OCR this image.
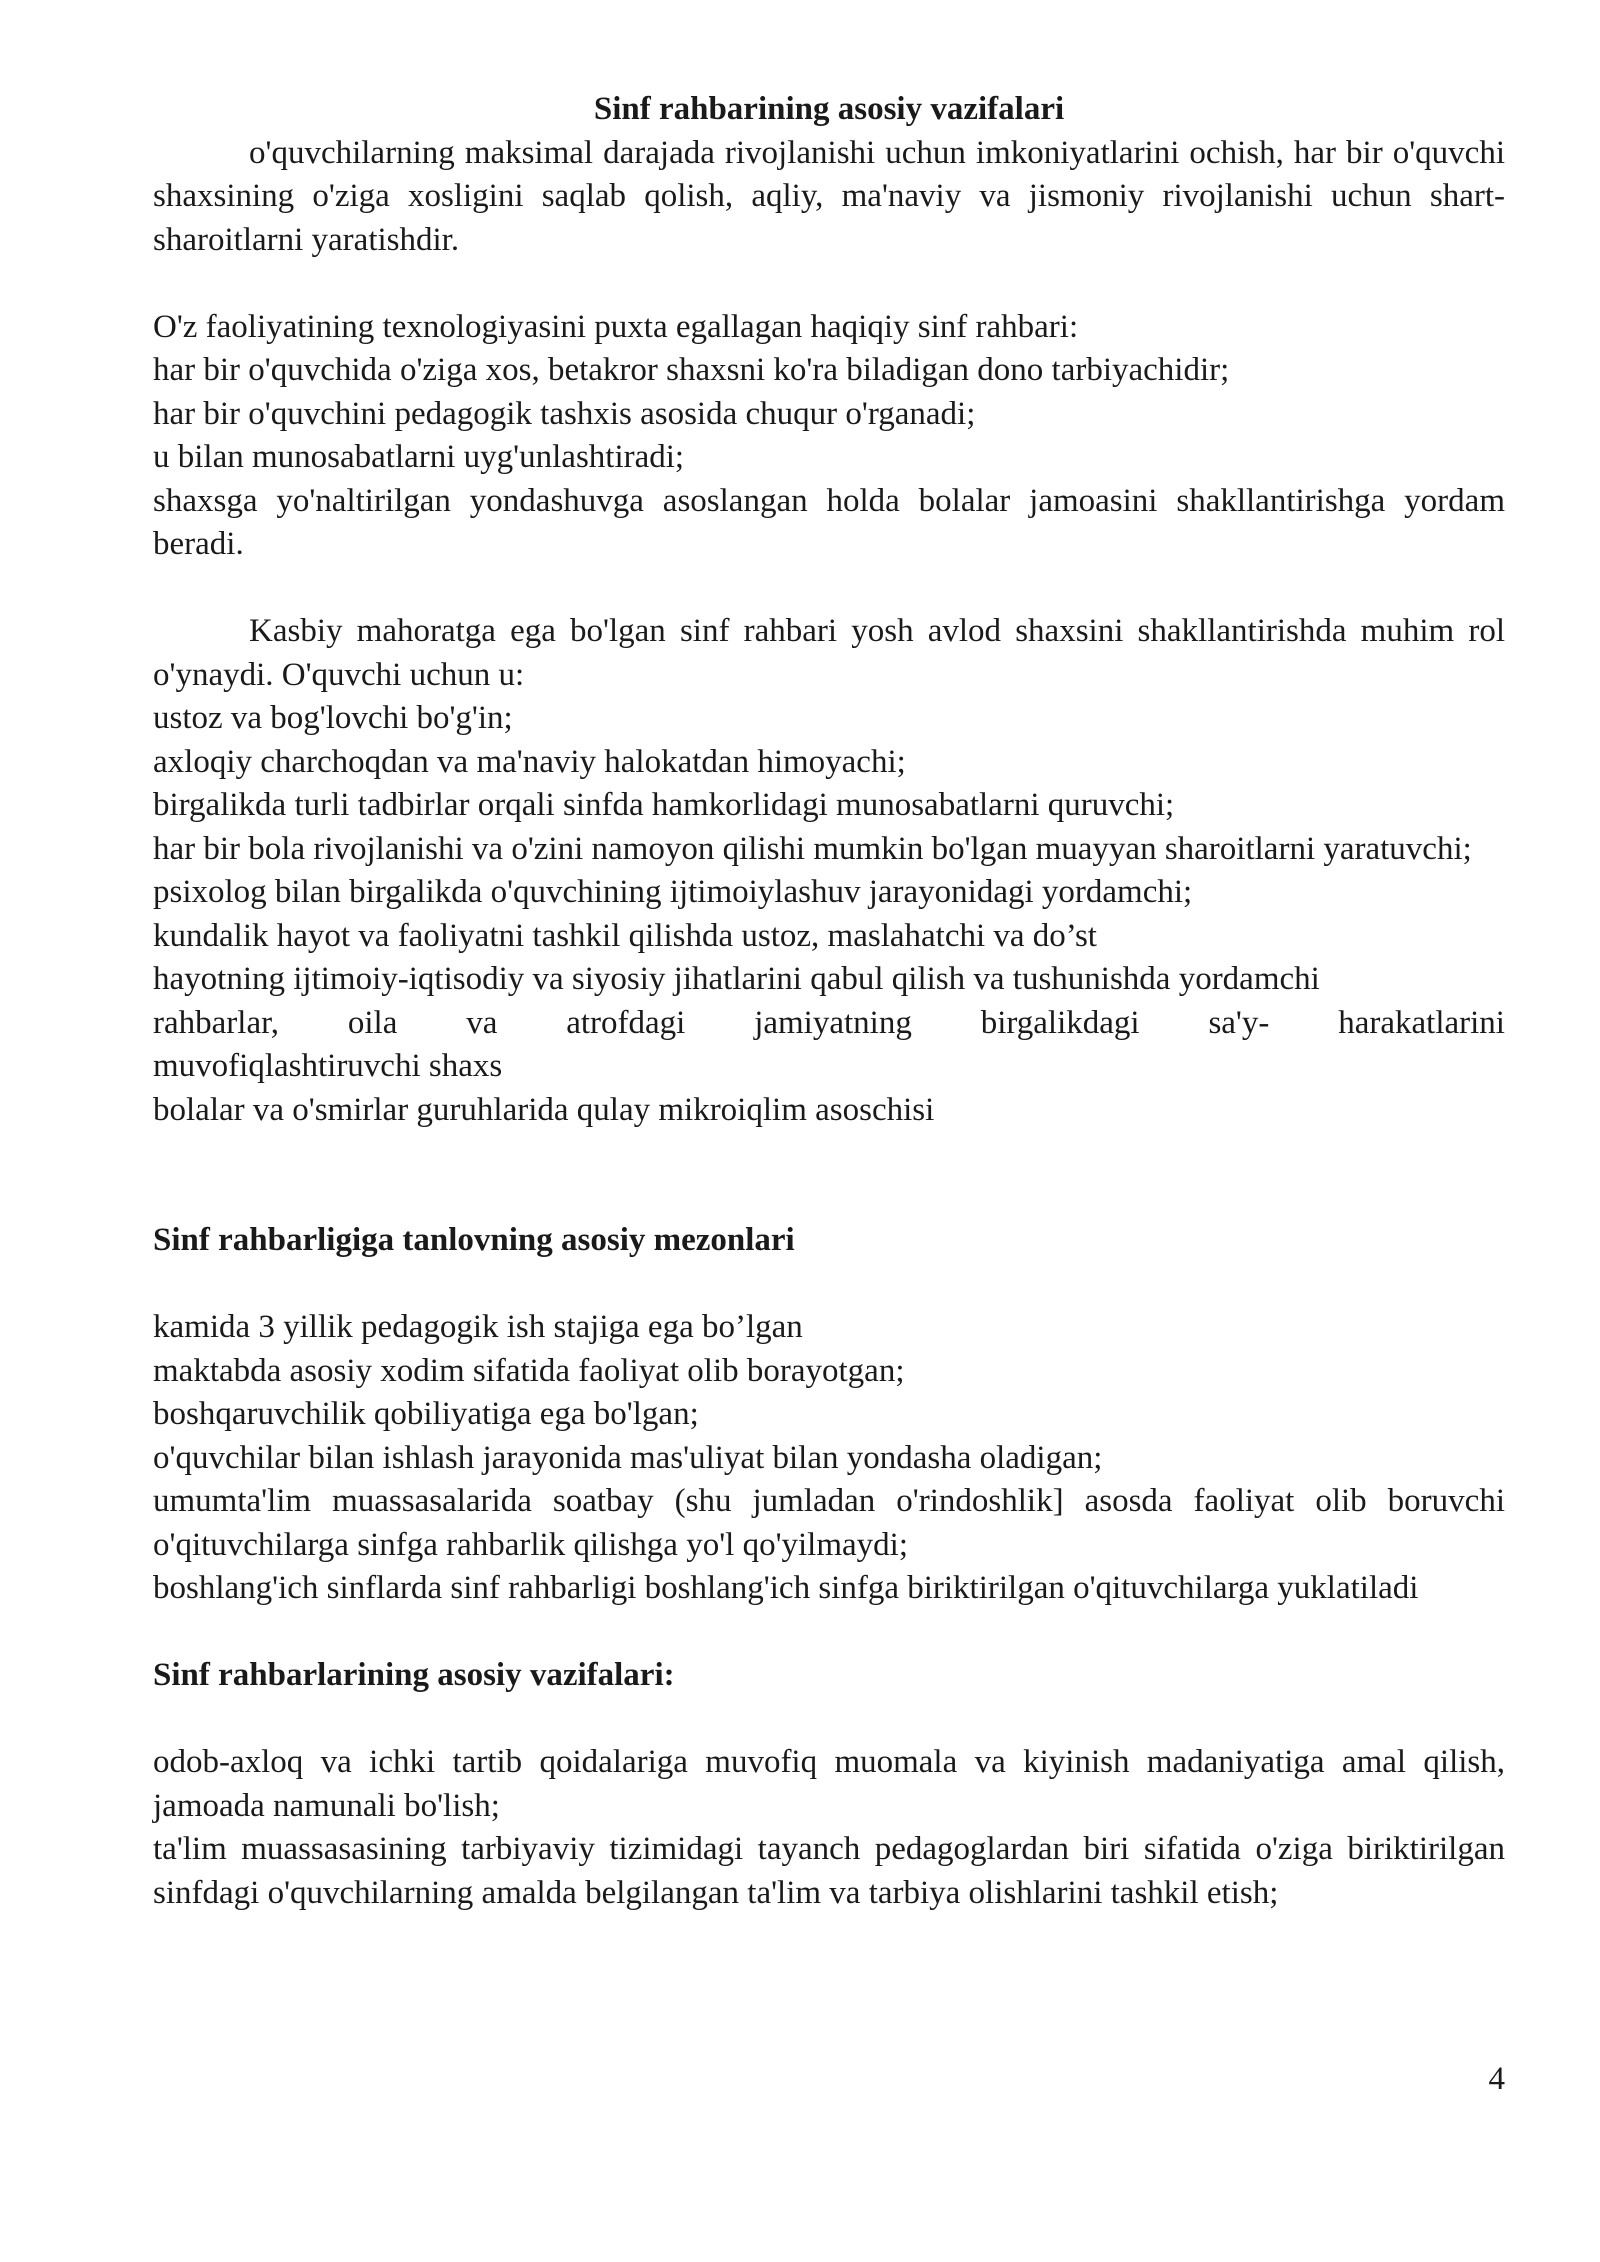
Sinf rahbarining asosiy vazifalari

o'quvchilarning maksimal darajada rivojlanishi uchun imkoniyatlarini ochish, har bir o'quvchi shaxsining o'ziga xosligini saqlab qolish, aqliy, ma'naviy va jismoniy rivojlanishi uchun shart-sharoitlarni yaratishdir.

O'z faoliyatining texnologiyasini puxta egallagan haqiqiy sinf rahbari:

har bir o'quvchida o'ziga xos, betakror shaxsni ko'ra biladigan dono tarbiyachidir;

har bir o'quvchini pedagogik tashxis asosida chuqur o'rganadi;

u bilan munosabatlarni uyg'unlashtiradi;

shaxsga yo'naltirilgan yondashuvga asoslangan holda bolalar jamoasini shakllantirishga yordam beradi.

Kasbiy mahoratga ega bo'lgan sinf rahbari yosh avlod shaxsini shakllantirishda muhim rol o'ynaydi. O'quvchi uchun u:

ustoz va bog'lovchi bo'g'in;

axloqiy charchoqdan va ma'naviy halokatdan himoyachi;

birgalikda turli tadbirlar orqali sinfda hamkorlidagi munosabatlarni quruvchi;

har bir bola rivojlanishi va o'zini namoyon qilishi mumkin bo'lgan muayyan sharoitlarni yaratuvchi;

psixolog bilan birgalikda o'quvchining ijtimoiylashuv jarayonidagi yordamchi;

kundalik hayot va faoliyatni tashkil qilishda ustoz, maslahatchi va do’st

hayotning ijtimoiy-iqtisodiy va siyosiy jihatlarini qabul qilish va tushunishda yordamchi

rahbarlar, oila va atrofdagi jamiyatning birgalikdagi sa'y- harakatlarini

muvofiqlashtiruvchi shaxs

bolalar va o'smirlar guruhlarida qulay mikroiqlim asoschisi

Sinf rahbarligiga tanlovning asosiy mezonlari

kamida 3 yillik pedagogik ish stajiga ega bo’lgan

maktabda asosiy xodim sifatida faoliyat olib borayotgan;

boshqaruvchilik qobiliyatiga ega bo'lgan;

o'quvchilar bilan ishlash jarayonida mas'uliyat bilan yondasha oladigan;

umumta'lim muassasalarida soatbay (shu jumladan o'rindoshlik] asosda faoliyat olib boruvchi o'qituvchilarga sinfga rahbarlik qilishga yo'l qo'yilmaydi;

boshlang'ich sinflarda sinf rahbarligi boshlang'ich sinfga biriktirilgan o'qituvchilarga yuklatiladi

Sinf rahbarlarining asosiy vazifalari:

odob-axloq va ichki tartib qoidalariga muvofiq muomala va kiyinish madaniyatiga amal qilish, jamoada namunali bo'lish;

ta'lim muassasasining tarbiyaviy tizimidagi tayanch pedagoglardan biri sifatida o'ziga biriktirilgan sinfdagi o'quvchilarning amalda belgilangan ta'lim va tarbiya olishlarini tashkil etish;

4
